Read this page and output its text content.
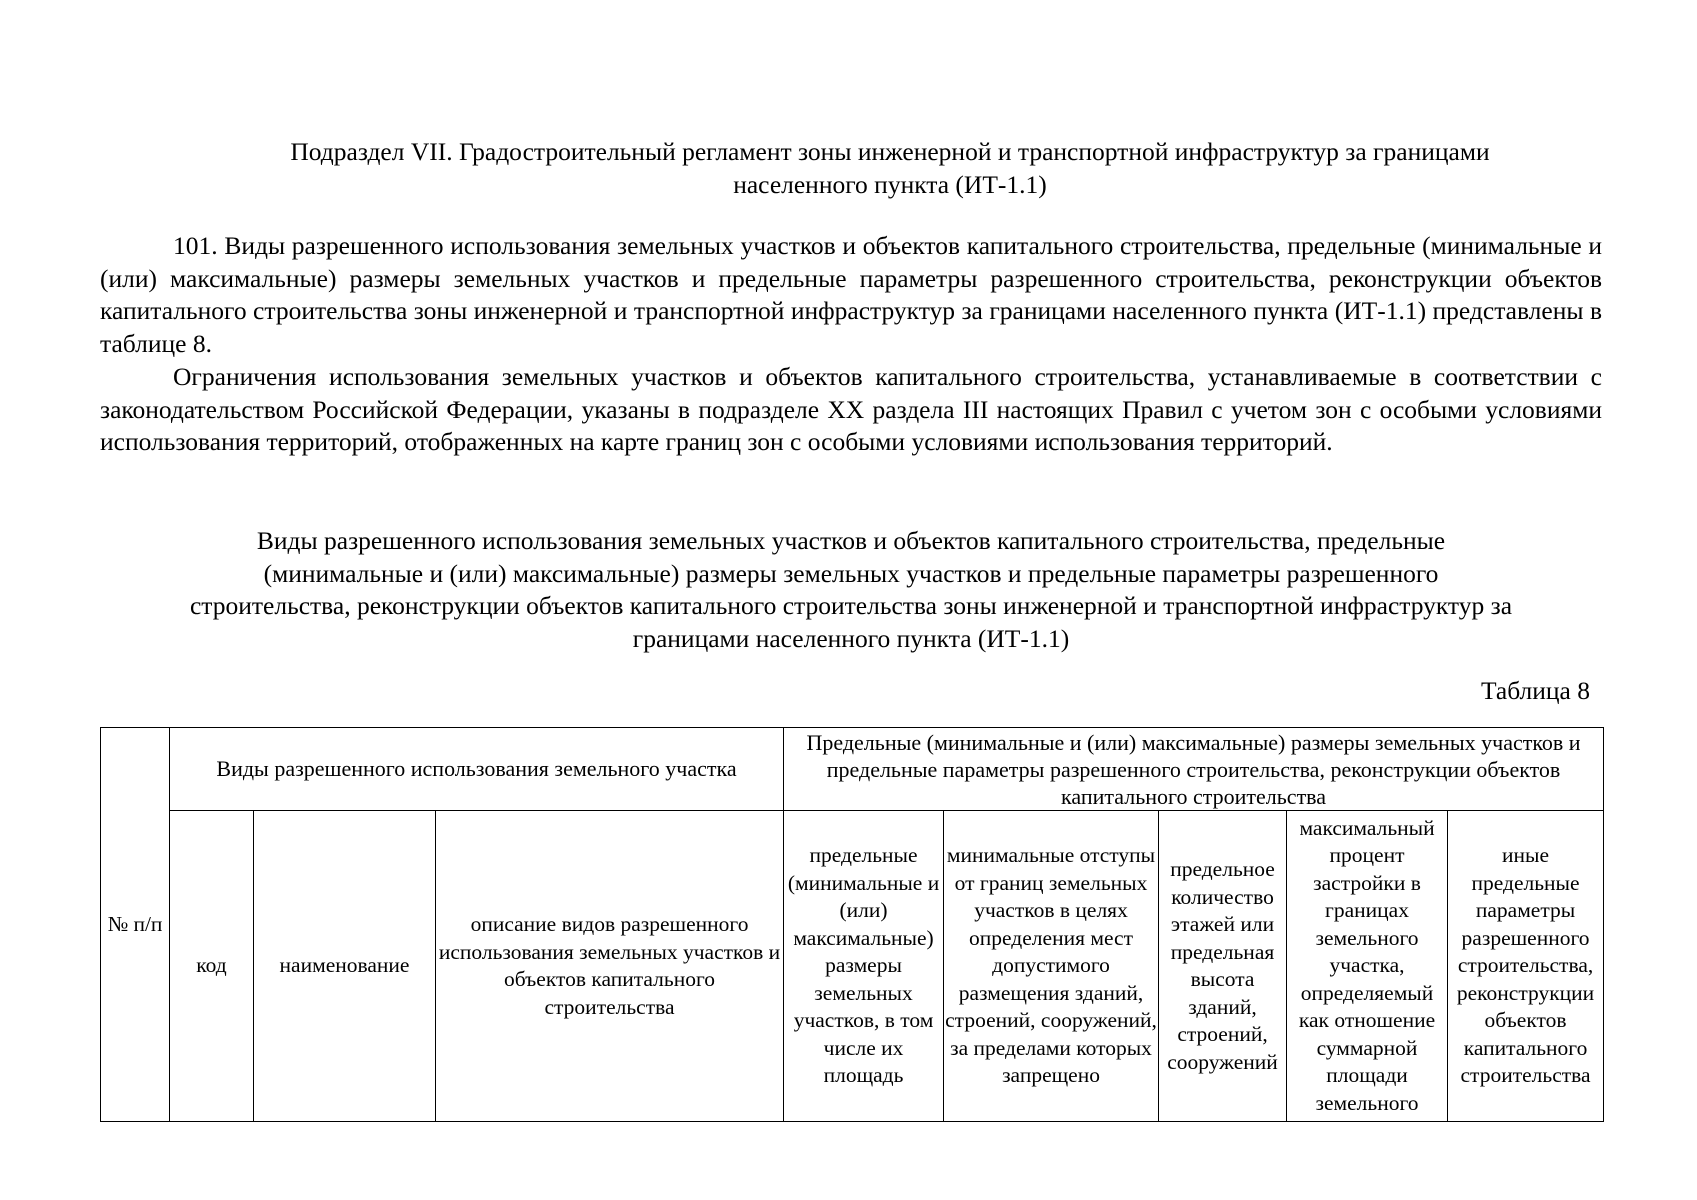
Подраздел VII. Градостроительный регламент зоны инженерной и транспортной инфраструктур за границами
населенного пункта (ИТ-1.1)

101. Виды разрешенного использования земельных участков и объектов капитального строительства, предельные (минимальные и (или) максимальные) размеры земельных участков и предельные параметры разрешенного строительства, реконструкции объектов капитального строительства зоны инженерной и транспортной инфраструктур за границами населенного пункта (ИТ-1.1) представлены в таблице 8.

Ограничения использования земельных участков и объектов капитального строительства, устанавливаемые в соответствии с законодательством Российской Федерации, указаны в подразделе XX раздела III настоящих Правил с учетом зон с особыми условиями использования территорий, отображенных на карте границ зон с особыми условиями использования территорий.

Виды разрешенного использования земельных участков и объектов капитального строительства, предельные
(минимальные и (или) максимальные) размеры земельных участков и предельные параметры разрешенного
строительства, реконструкции объектов капитального строительства зоны инженерной и транспортной инфраструктур за
границами населенного пункта (ИТ-1.1)
Таблица 8
№ п/п	Виды разрешенного использования земельного участка			Предельные (минимальные и (или) максимальные) размеры земельных участков и предельные параметры разрешенного строительства, реконструкции объектов капитального строительства				
	код	наименование	описание видов разрешенного использования земельных участков и объектов капитального строительства	предельные (минимальные и (или) максимальные) размеры земельных участков, в том числе их площадь	минимальные отступы от границ земельных участков в целях определения мест допустимого размещения зданий, строений, сооружений, за пределами которых запрещено	предельное количество этажей или предельная высота зданий, строений, сооружений	максимальный процент застройки в границах земельного участка, определяемый как отношение суммарной площади земельного	иные предельные параметры разрешенного строительства, реконструкции объектов капитального строительства
